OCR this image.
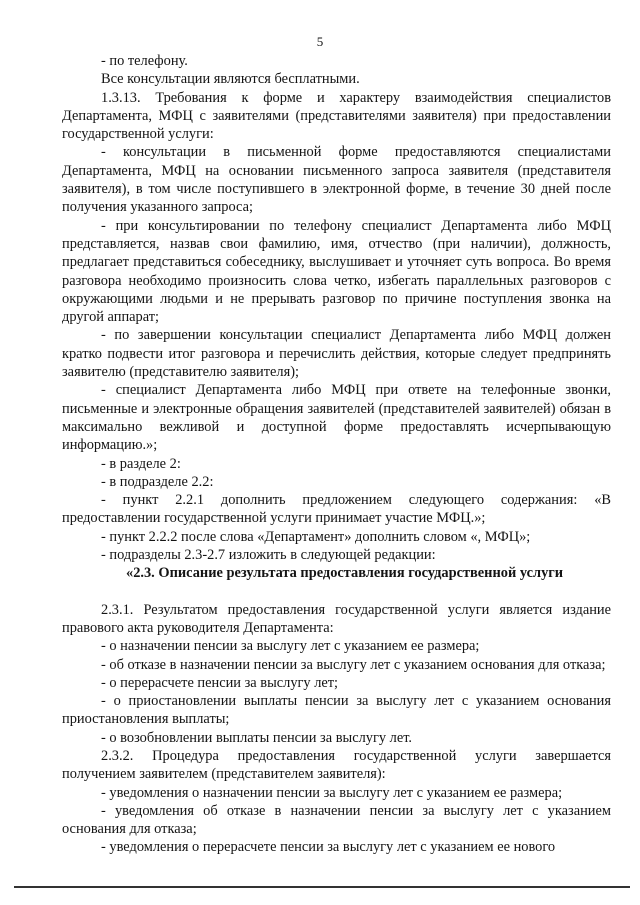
5

- по телефону.

Все консультации являются бесплатными.

1.3.13. Требования к форме и характеру взаимодействия специалистов Департамента, МФЦ с заявителями (представителями заявителя) при предоставлении государственной услуги:

- консультации в письменной форме предоставляются специалистами Департамента, МФЦ на основании письменного запроса заявителя (представителя заявителя), в том числе поступившего в электронной форме, в течение 30 дней после получения указанного запроса;

- при консультировании по телефону специалист Департамента либо МФЦ представляется, назвав свои фамилию, имя, отчество (при наличии), должность, предлагает представиться собеседнику, выслушивает и уточняет суть вопроса. Во время разговора необходимо произносить слова четко, избегать параллельных разговоров с окружающими людьми и не прерывать разговор по причине поступления звонка на другой аппарат;

- по завершении консультации специалист Департамента либо МФЦ должен кратко подвести итог разговора и перечислить действия, которые следует предпринять заявителю (представителю заявителя);

- специалист Департамента либо МФЦ при ответе на телефонные звонки, письменные и электронные обращения заявителей (представителей заявителей) обязан в максимально вежливой и доступной форме предоставлять исчерпывающую информацию.»;

- в разделе 2:

- в подразделе 2.2:

- пункт 2.2.1 дополнить предложением следующего содержания: «В предоставлении государственной услуги принимает участие МФЦ.»;

- пункт 2.2.2 после слова «Департамент» дополнить словом «, МФЦ»;

- подразделы 2.3-2.7 изложить в следующей редакции:

«2.3. Описание результата предоставления государственной услуги

2.3.1. Результатом предоставления государственной услуги является издание правового акта руководителя Департамента:

- о назначении пенсии за выслугу лет с указанием ее размера;

- об отказе в назначении пенсии за выслугу лет с указанием основания для отказа;

- о перерасчете пенсии за выслугу лет;

- о приостановлении выплаты пенсии за выслугу лет с указанием основания приостановления выплаты;

- о возобновлении выплаты пенсии за выслугу лет.

2.3.2. Процедура предоставления государственной услуги завершается получением заявителем (представителем заявителя):

- уведомления о назначении пенсии за выслугу лет с указанием ее размера;

- уведомления об отказе в назначении пенсии за выслугу лет с указанием основания для отказа;

- уведомления о перерасчете пенсии за выслугу лет с указанием ее нового
